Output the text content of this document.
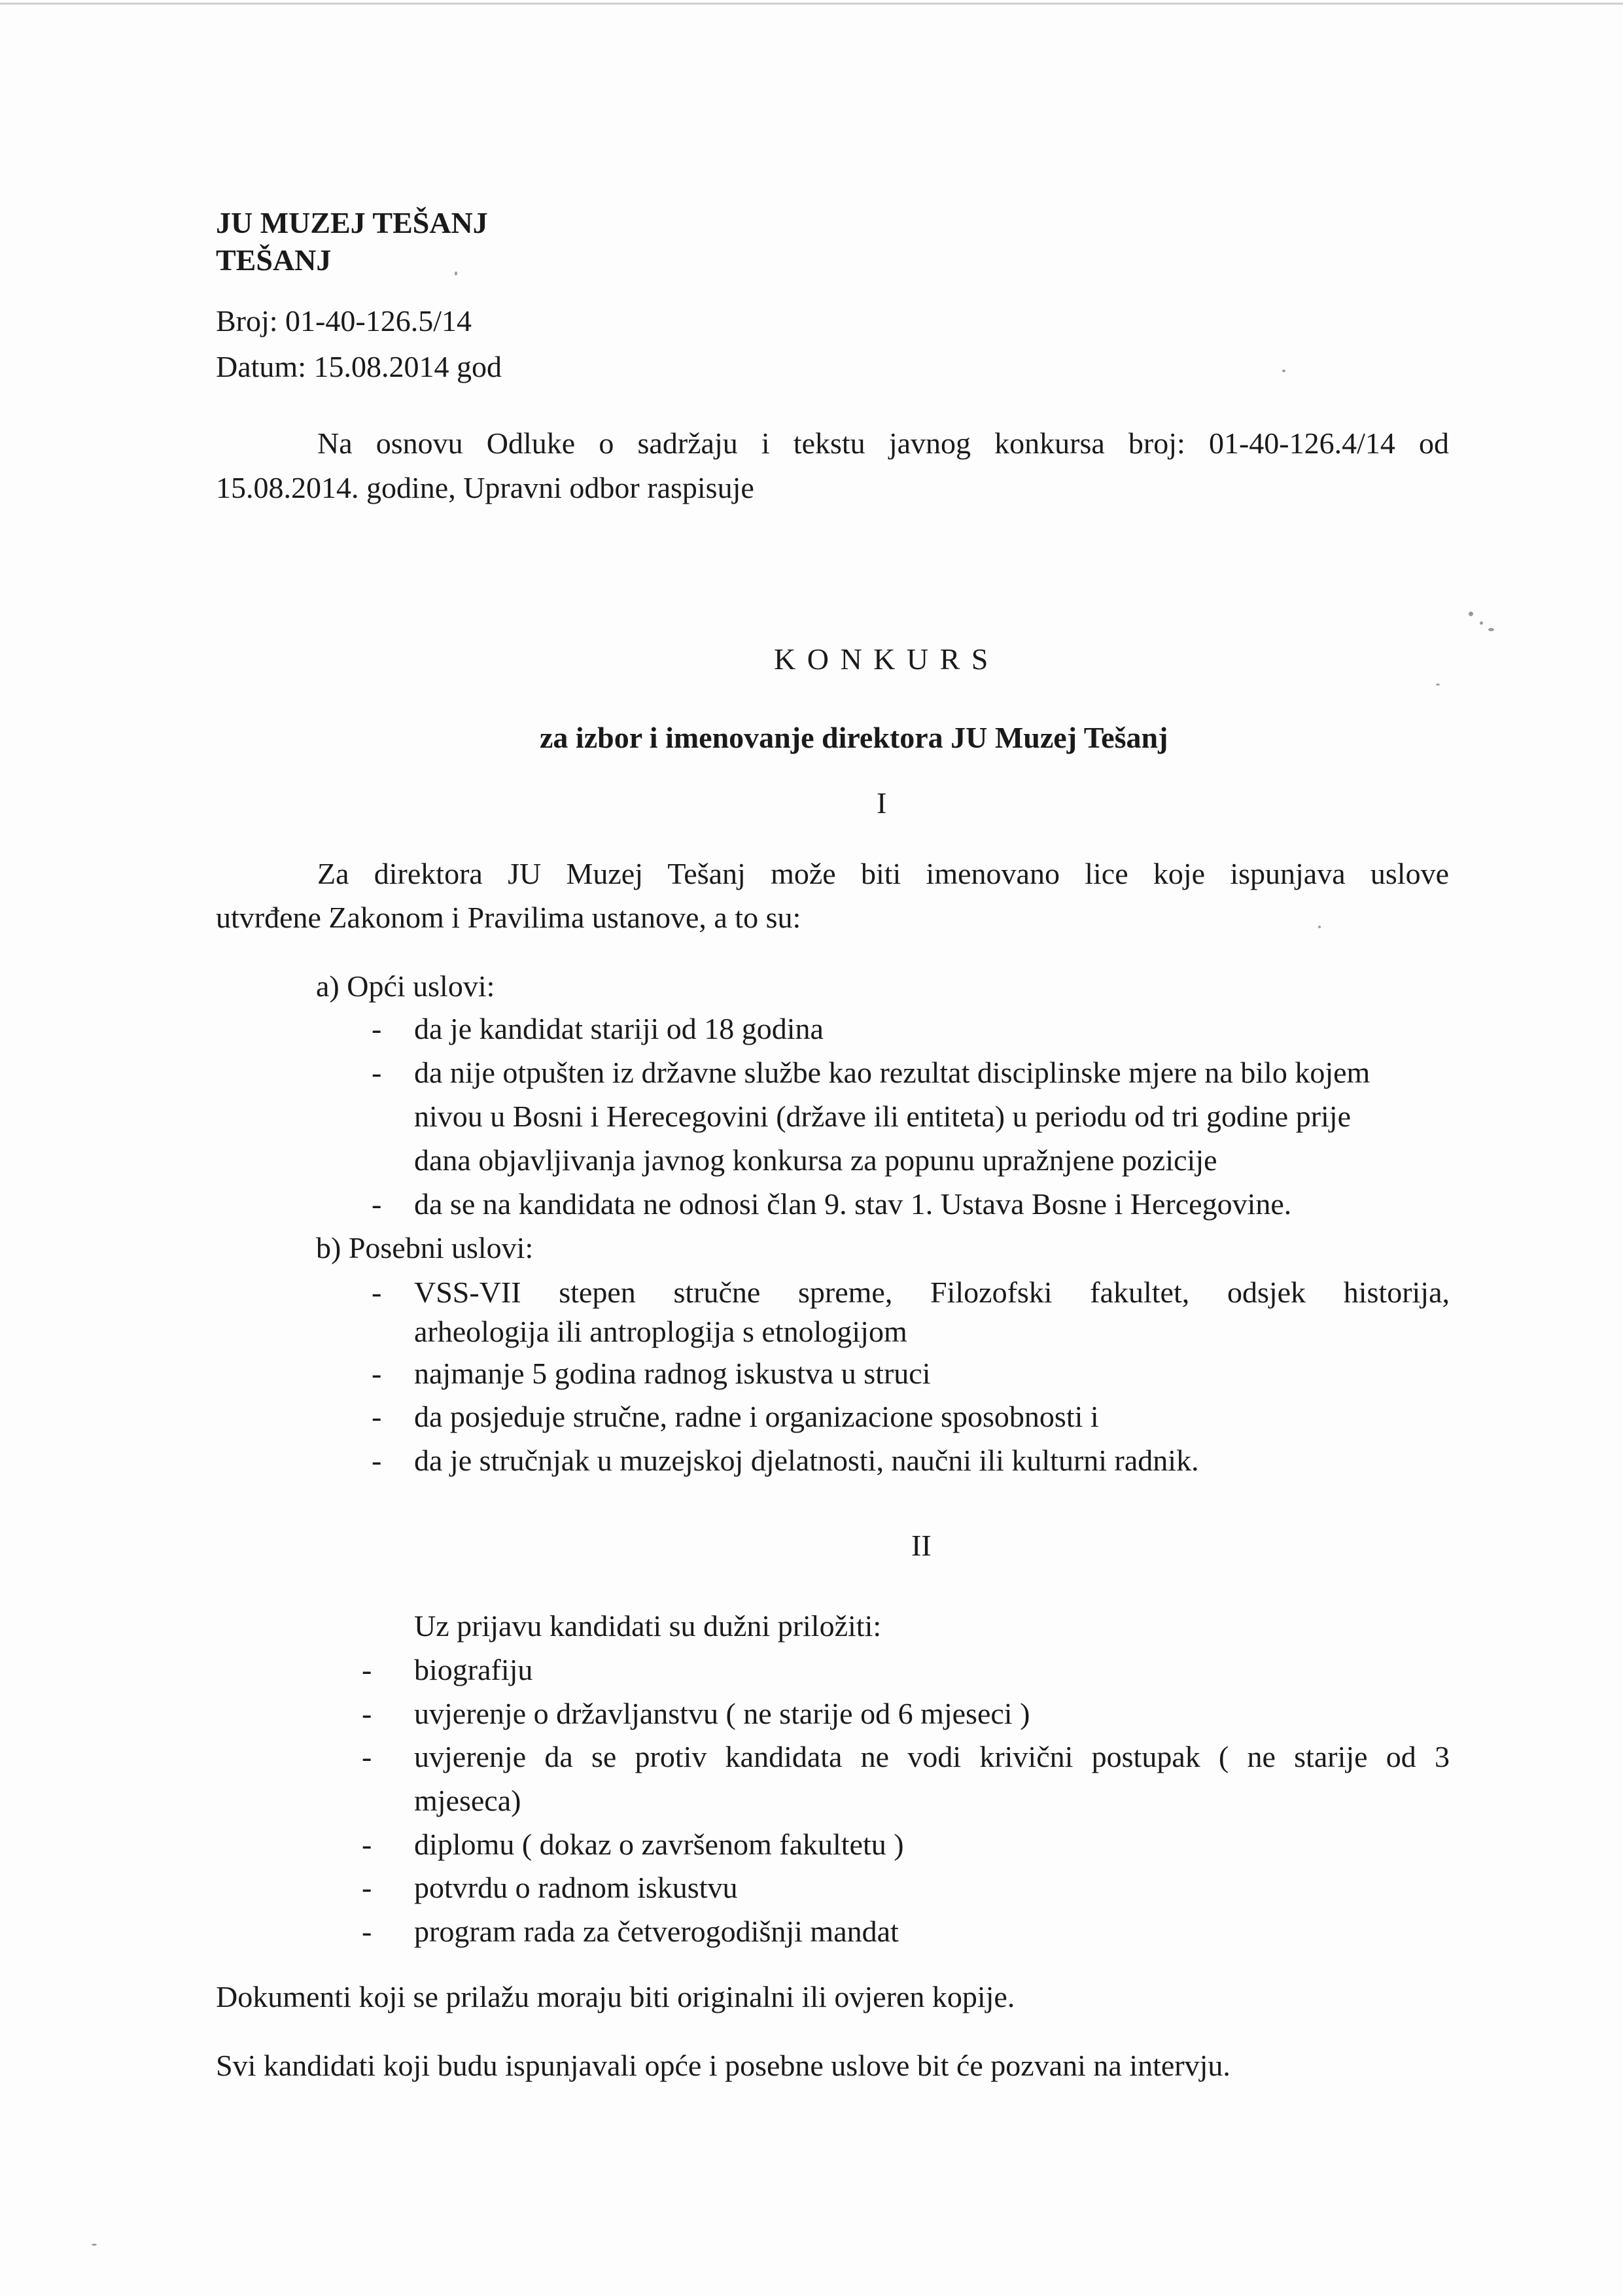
JU MUZEJ TEŠANJ
TEŠANJ
Broj: 01-40-126.5/14
Datum: 15.08.2014 god
Na osnovu Odluke o sadržaju i tekstu javnog konkursa broj: 01-40-126.4/14 od
15.08.2014. godine, Upravni odbor raspisuje
K O N K U R S
za izbor i imenovanje direktora JU Muzej Tešanj
I
Za direktora JU Muzej Tešanj može biti imenovano lice koje ispunjava uslove
utvrđene Zakonom i Pravilima ustanove, a to su:
a) Opći uslovi:
- da je kandidat stariji od 18 godina
- da nije otpušten iz državne službe kao rezultat disciplinske mjere na bilo kojem
nivou u Bosni i Herecegovini (države ili entiteta) u periodu od tri godine prije
dana objavljivanja javnog konkursa za popunu upražnjene pozicije
- da se na kandidata ne odnosi član 9. stav 1. Ustava Bosne i Hercegovine.
b) Posebni uslovi:
- VSS-VII stepen stručne spreme, Filozofski fakultet, odsjek historija,
arheologija ili antroplogija s etnologijom
- najmanje 5 godina radnog iskustva u struci
- da posjeduje stručne, radne i organizacione sposobnosti i
- da je stručnjak u muzejskoj djelatnosti, naučni ili kulturni radnik.
II
Uz prijavu kandidati su dužni priložiti:
- biografiju
- uvjerenje o državljanstvu ( ne starije od 6 mjeseci )
- uvjerenje da se protiv kandidata ne vodi krivični postupak ( ne starije od 3
mjeseca)
- diplomu ( dokaz o završenom fakultetu )
- potvrdu o radnom iskustvu
- program rada za četverogodišnji mandat
Dokumenti koji se prilažu moraju biti originalni ili ovjeren kopije.
Svi kandidati koji budu ispunjavali opće i posebne uslove bit će pozvani na intervju.
